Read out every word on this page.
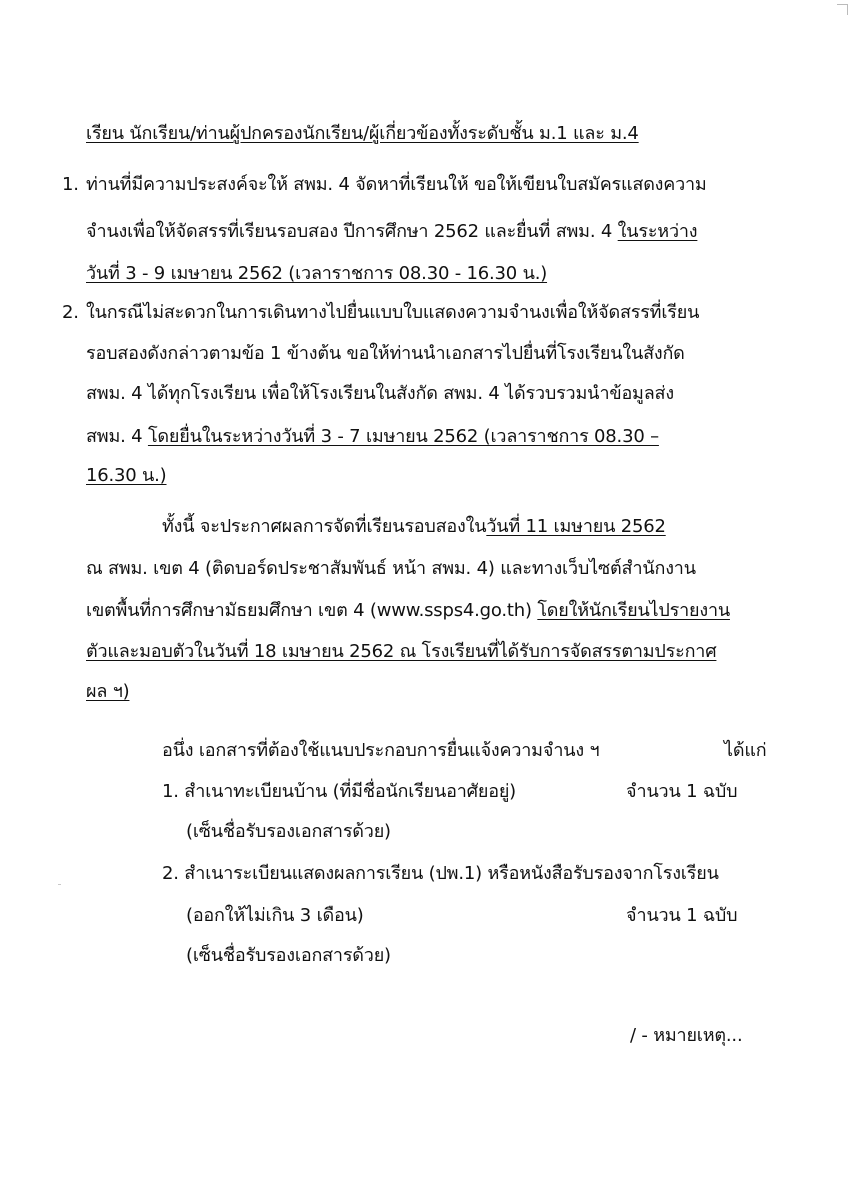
เรียน นักเรียน/ท่านผู้ปกครองนักเรียน/ผู้เกี่ยวข้องทั้งระดับชั้น ม.1 และ ม.4

1. ท่านที่มีความประสงค์จะให้ สพม. 4 จัดหาที่เรียนให้ ขอให้เขียนใบสมัครแสดงความ

จำนงเพื่อให้จัดสรรที่เรียนรอบสอง ปีการศึกษา 2562 และยื่นที่ สพม. 4 ในระหว่าง

วันที่ 3 - 9 เมษายน 2562 (เวลาราชการ 08.30 - 16.30 น.)

2. ในกรณีไม่สะดวกในการเดินทางไปยื่นแบบใบแสดงความจำนงเพื่อให้จัดสรรที่เรียน

รอบสองดังกล่าวตามข้อ 1 ข้างต้น ขอให้ท่านนำเอกสารไปยื่นที่โรงเรียนในสังกัด

สพม. 4 ได้ทุกโรงเรียน เพื่อให้โรงเรียนในสังกัด สพม. 4 ได้รวบรวมนำข้อมูลส่ง

สพม. 4 โดยยื่นในระหว่างวันที่ 3 - 7 เมษายน 2562 (เวลาราชการ 08.30 –

16.30 น.)

ทั้งนี้ จะประกาศผลการจัดที่เรียนรอบสองในวันที่ 11 เมษายน 2562

ณ สพม. เขต 4 (ติดบอร์ดประชาสัมพันธ์ หน้า สพม. 4) และทางเว็บไซต์สำนักงาน

เขตพื้นที่การศึกษามัธยมศึกษา เขต 4 (www.ssps4.go.th) โดยให้นักเรียนไปรายงาน

ตัวและมอบตัวในวันที่ 18 เมษายน 2562 ณ โรงเรียนที่ได้รับการจัดสรรตามประกาศ

ผล ฯ)

อนึ่ง เอกสารที่ต้องใช้แนบประกอบการยื่นแจ้งความจำนง ฯ	ได้แก่

1. สำเนาทะเบียนบ้าน (ที่มีชื่อนักเรียนอาศัยอยู่)	จำนวน 1 ฉบับ

(เซ็นชื่อรับรองเอกสารด้วย)

2. สำเนาระเบียนแสดงผลการเรียน (ปพ.1) หรือหนังสือรับรองจากโรงเรียน

(ออกให้ไม่เกิน 3 เดือน)	จำนวน 1 ฉบับ

(เซ็นชื่อรับรองเอกสารด้วย)

/ - หมายเหตุ...
